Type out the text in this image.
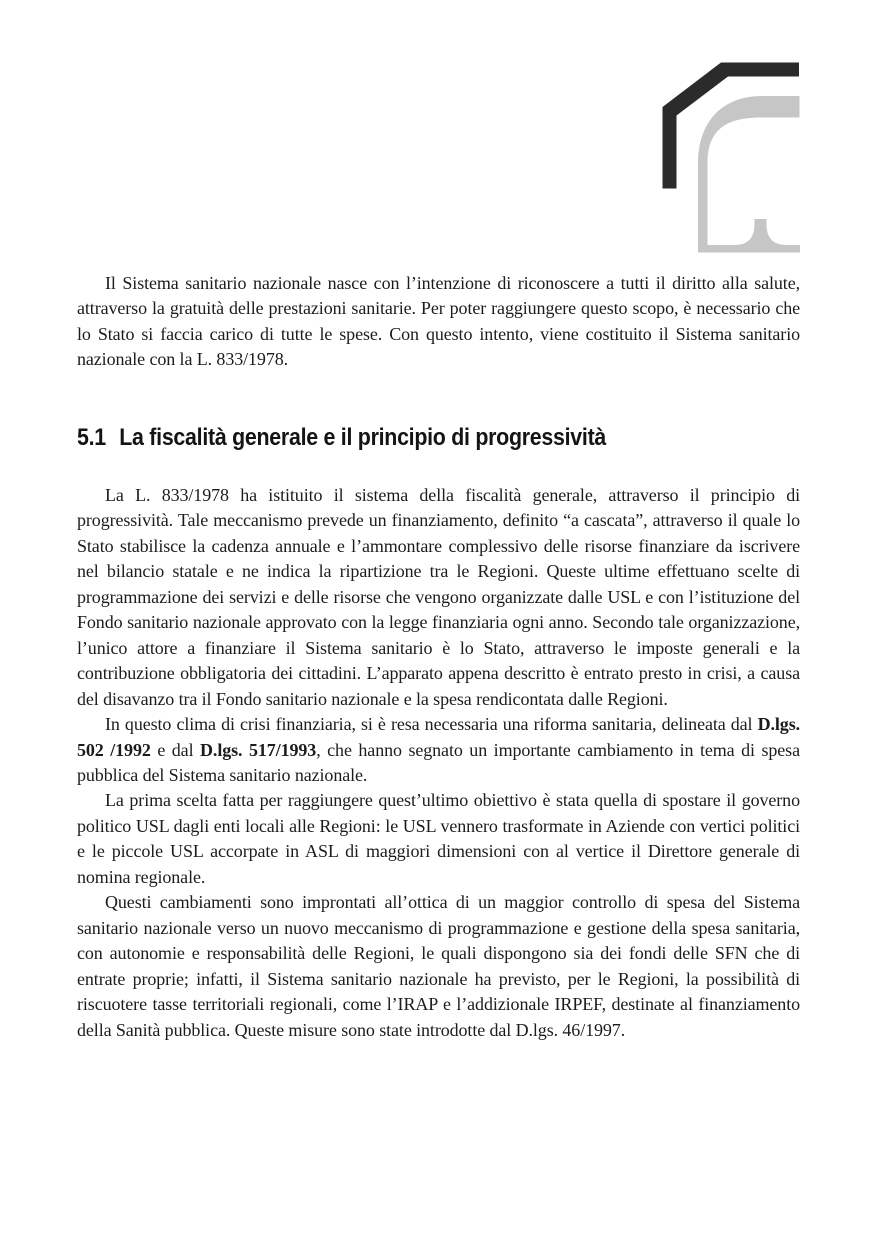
Il Sistema sanitario nazionale nasce con l’intenzione di riconoscere a tutti il diritto alla salute, attraverso la gratuità delle prestazioni sanitarie. Per poter raggiungere questo scopo, è necessario che lo Stato si faccia carico di tutte le spese. Con questo intento, viene costituito il Sistema sanitario nazionale con la L. 833/1978.

5.1 La fiscalità generale e il principio di progressività

La L. 833/1978 ha istituito il sistema della fiscalità generale, attraverso il principio di progressività. Tale meccanismo prevede un finanziamento, definito “a cascata”, attraverso il quale lo Stato stabilisce la cadenza annuale e l’ammontare complessivo delle risorse finanziare da iscrivere nel bilancio statale e ne indica la ripartizione tra le Regioni. Queste ultime effettuano scelte di programmazione dei servizi e delle risorse che vengono organizzate dalle USL e con l’istituzione del Fondo sanitario nazionale approvato con la legge finanziaria ogni anno. Secondo tale organizzazione, l’unico attore a finanziare il Sistema sanitario è lo Stato, attraverso le imposte generali e la contribuzione obbligatoria dei cittadini. L’apparato appena descritto è entrato presto in crisi, a causa del disavanzo tra il Fondo sanitario nazionale e la spesa rendicontata dalle Regioni.

In questo clima di crisi finanziaria, si è resa necessaria una riforma sanitaria, delineata dal D.lgs. 502 /1992 e dal D.lgs. 517/1993, che hanno segnato un importante cambiamento in tema di spesa pubblica del Sistema sanitario nazionale.

La prima scelta fatta per raggiungere quest’ultimo obiettivo è stata quella di spostare il governo politico USL dagli enti locali alle Regioni: le USL vennero trasformate in Aziende con vertici politici e le piccole USL accorpate in ASL di maggiori dimensioni con al vertice il Direttore generale di nomina regionale.

Questi cambiamenti sono improntati all’ottica di un maggior controllo di spesa del Sistema sanitario nazionale verso un nuovo meccanismo di programmazione e gestione della spesa sanitaria, con autonomie e responsabilità delle Regioni, le quali dispongono sia dei fondi delle SFN che di entrate proprie; infatti, il Sistema sanitario nazionale ha previsto, per le Regioni, la possibilità di riscuotere tasse territoriali regionali, come l’IRAP e l’addizionale IRPEF, destinate al finanziamento della Sanità pubblica. Queste misure sono state introdotte dal D.lgs. 46/1997.
